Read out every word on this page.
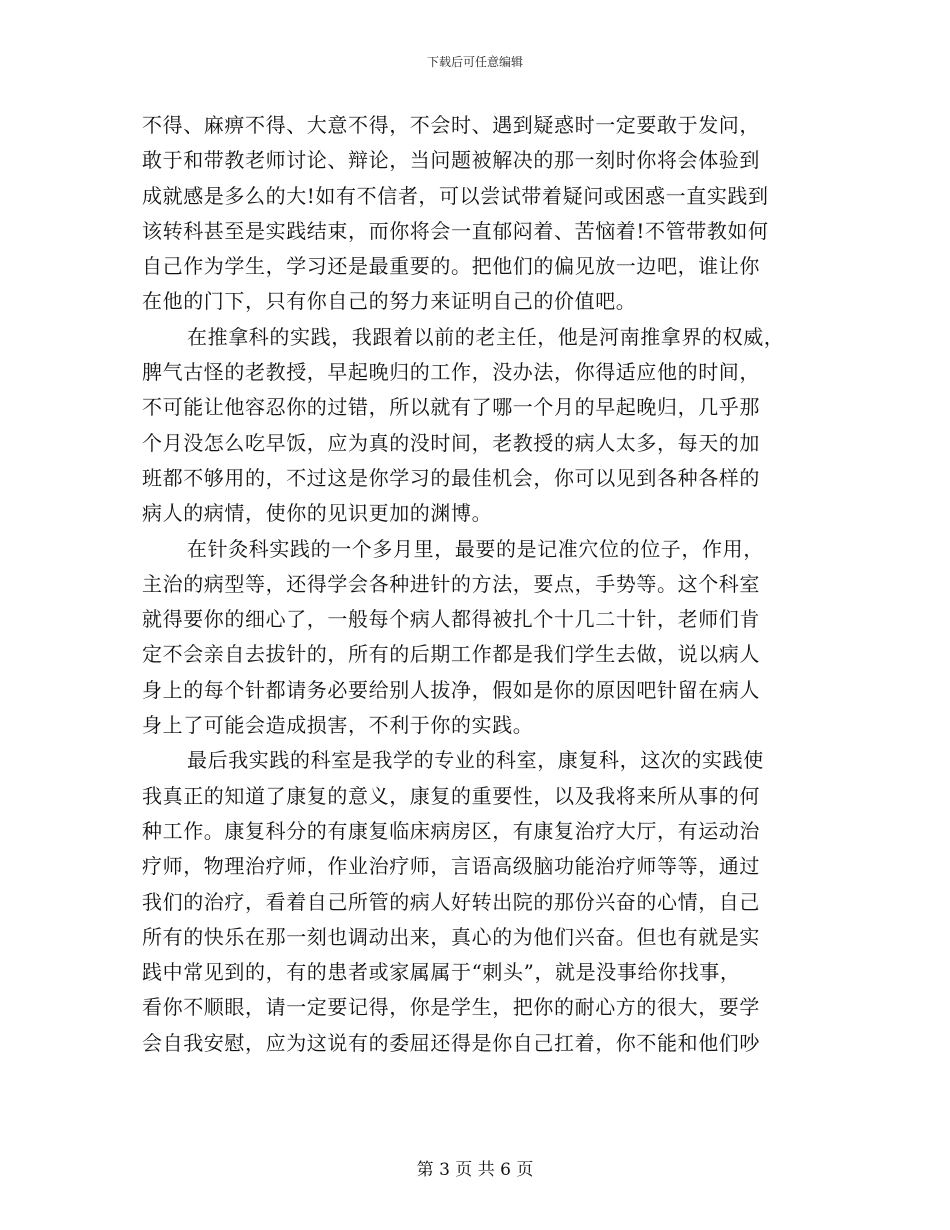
下载后可任意编辑
不得、麻痹不得、大意不得，不会时、遇到疑惑时一定要敢于发问，
敢于和带教老师讨论、辩论，当问题被解决的那一刻时你将会体验到
成就感是多么的大!如有不信者，可以尝试带着疑问或困惑一直实践到
该转科甚至是实践结束，而你将会一直郁闷着、苦恼着!不管带教如何
自己作为学生，学习还是最重要的。把他们的偏见放一边吧，谁让你
在他的门下，只有你自己的努力来证明自己的价值吧。
在推拿科的实践，我跟着以前的老主任，他是河南推拿界的权威，
脾气古怪的老教授，早起晚归的工作，没办法，你得适应他的时间，
不可能让他容忍你的过错，所以就有了哪一个月的早起晚归，几乎那
个月没怎么吃早饭，应为真的没时间，老教授的病人太多，每天的加
班都不够用的，不过这是你学习的最佳机会，你可以见到各种各样的
病人的病情，使你的见识更加的渊博。
在针灸科实践的一个多月里，最要的是记准穴位的位子，作用，
主治的病型等，还得学会各种进针的方法，要点，手势等。这个科室
就得要你的细心了，一般每个病人都得被扎个十几二十针，老师们肯
定不会亲自去拔针的，所有的后期工作都是我们学生去做，说以病人
身上的每个针都请务必要给别人拔净，假如是你的原因吧针留在病人
身上了可能会造成损害，不利于你的实践。
最后我实践的科室是我学的专业的科室，康复科，这次的实践使
我真正的知道了康复的意义，康复的重要性，以及我将来所从事的何
种工作。康复科分的有康复临床病房区，有康复治疗大厅，有运动治
疗师，物理治疗师，作业治疗师，言语高级脑功能治疗师等等，通过
我们的治疗，看着自己所管的病人好转出院的那份兴奋的心情，自己
所有的快乐在那一刻也调动出来，真心的为他们兴奋。但也有就是实
践中常见到的，有的患者或家属属于“刺头”，就是没事给你找事，
看你不顺眼，请一定要记得，你是学生，把你的耐心方的很大，要学
会自我安慰，应为这说有的委屈还得是你自己扛着，你不能和他们吵
第 3 页 共 6 页
